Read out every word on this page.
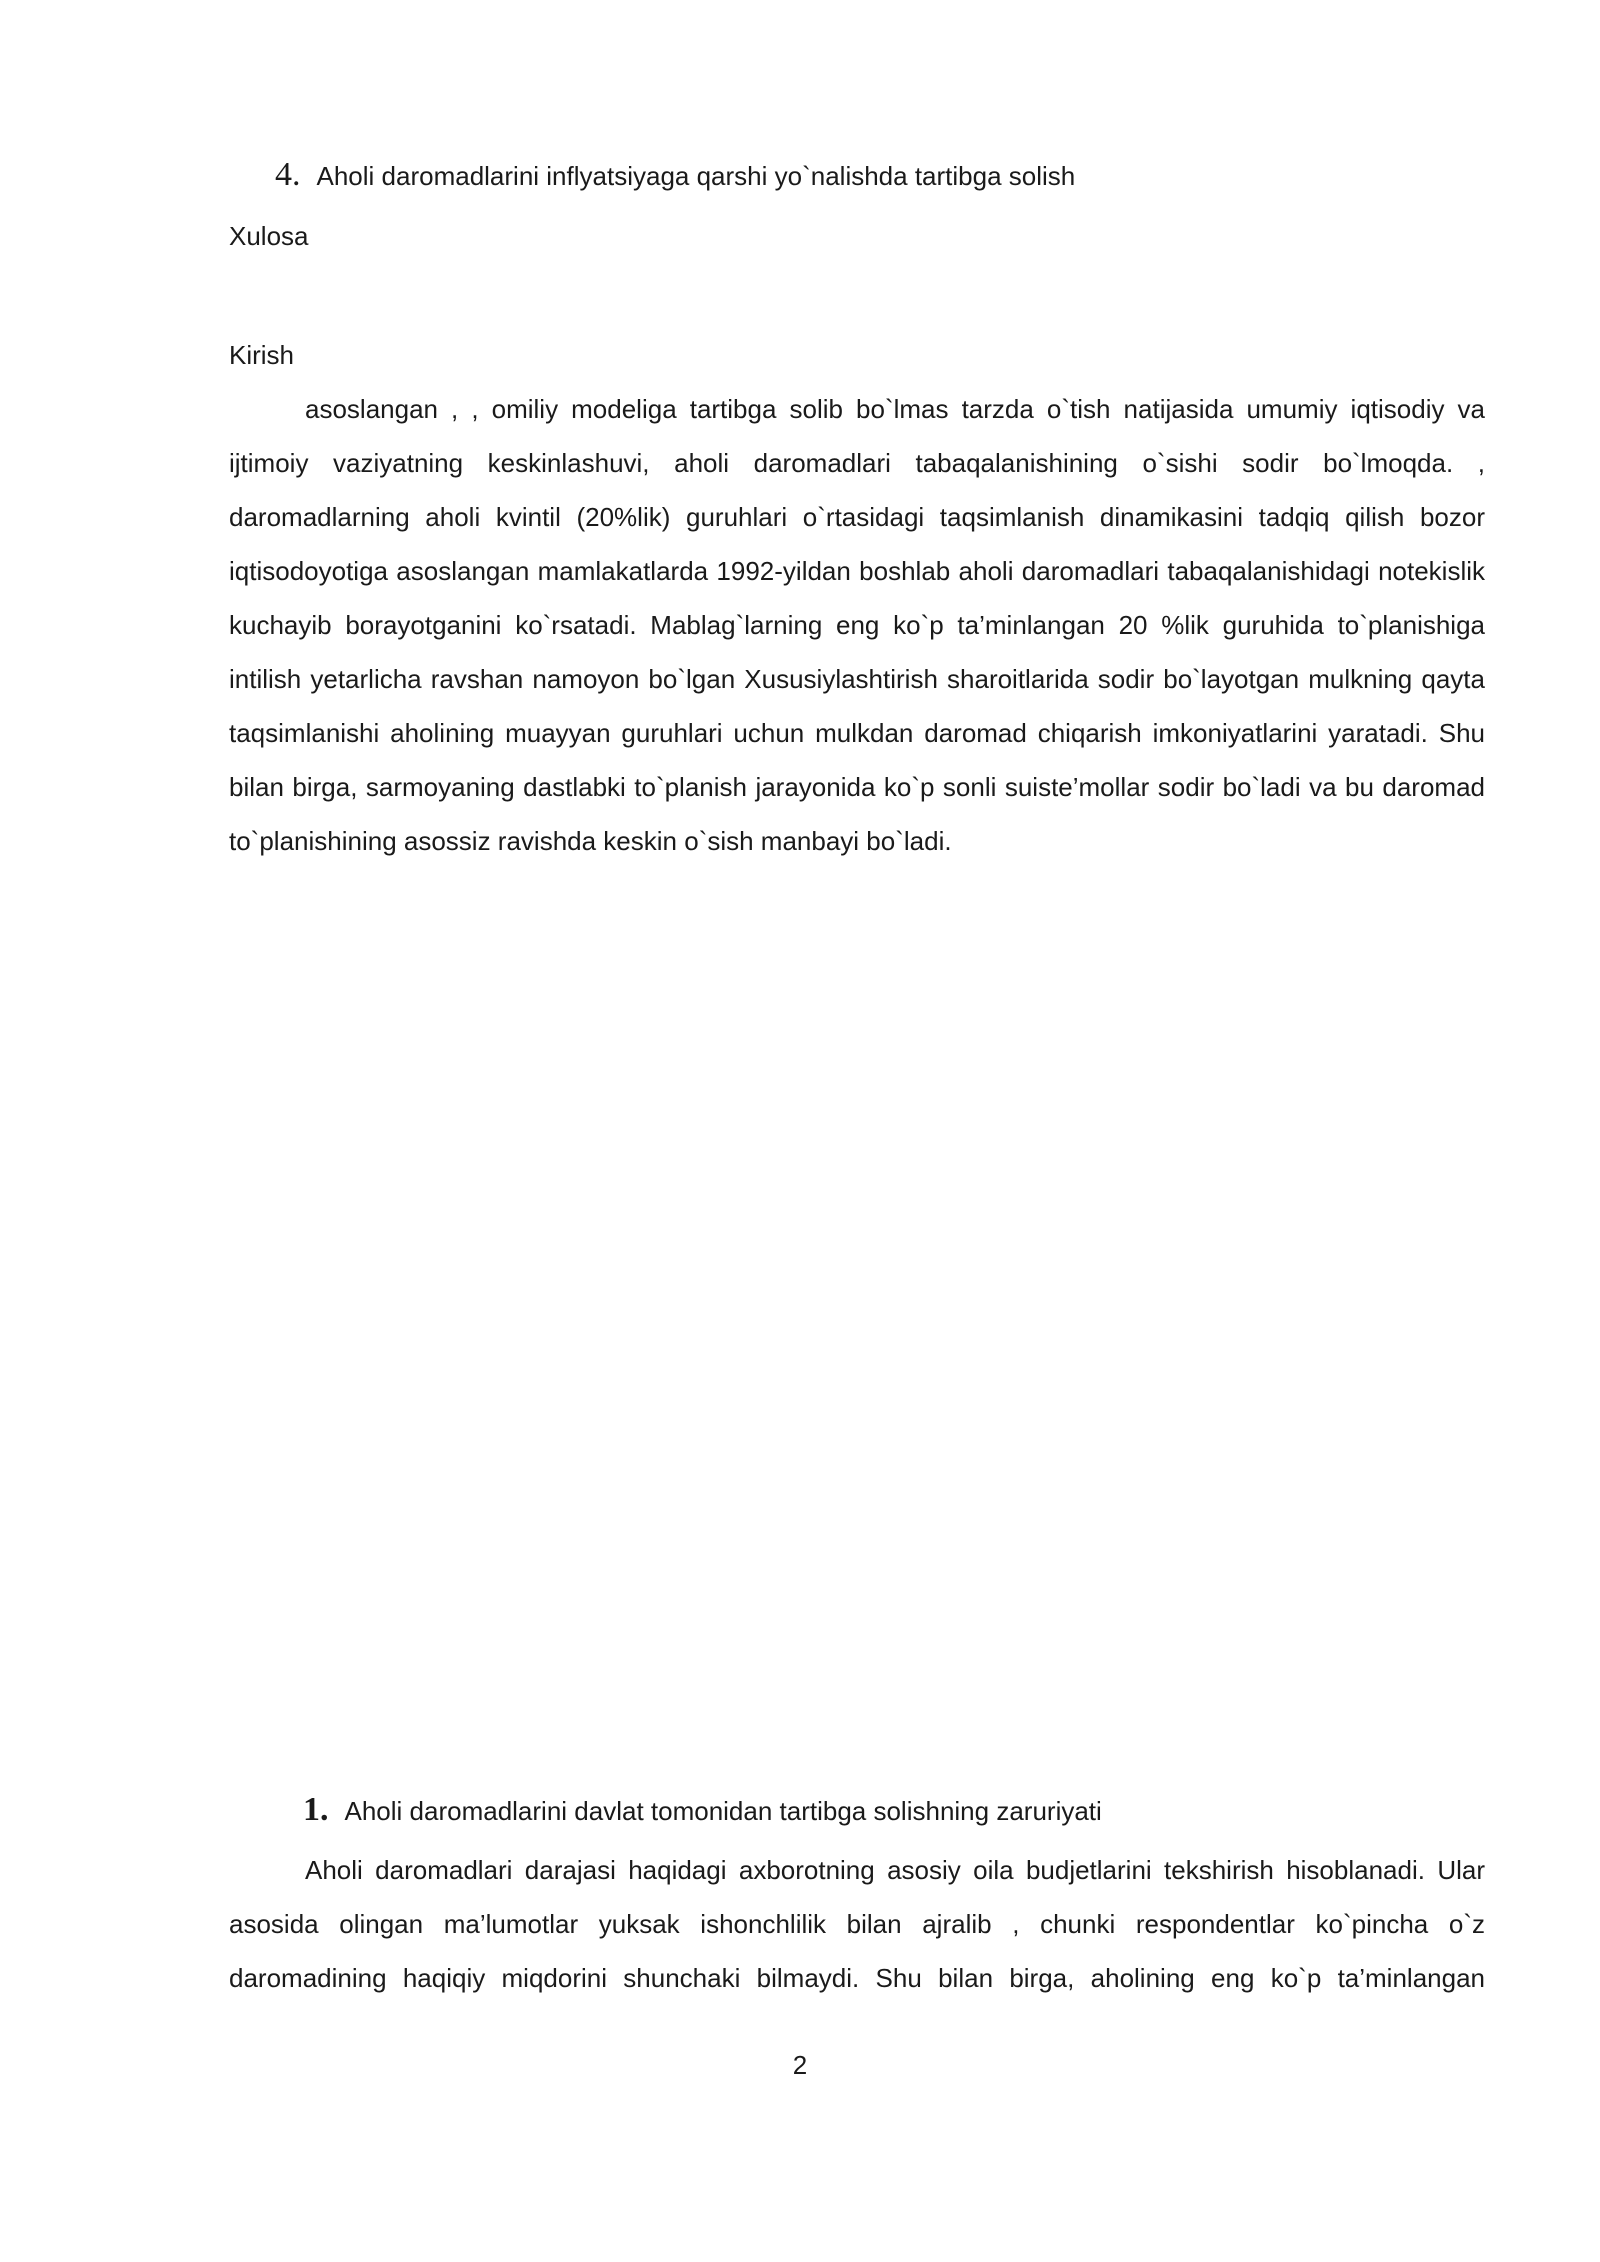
4. Aholi daromadlarini inflyatsiyaga qarshi yo`nalishda tartibga solish
Xulosa
Kirish

asoslangan , , omiliy modeliga tartibga solib bo`lmas tarzda o`tish natijasida umumiy iqtisodiy va ijtimoiy vaziyatning keskinlashuvi, aholi daromadlari tabaqalanishining o`sishi sodir bo`lmoqda. , daromadlarning aholi kvintil (20%lik) guruhlari o`rtasidagi taqsimlanish dinamikasini tadqiq qilish bozor iqtisodoyotiga asoslangan mamlakatlarda 1992-yildan boshlab aholi daromadlari tabaqalanishidagi notekislik kuchayib borayotganini ko`rsatadi. Mablag`larning eng ko`p ta’minlangan 20 %lik guruhida to`planishiga intilish yetarlicha ravshan namoyon bo`lgan Xususiylashtirish sharoitlarida sodir bo`layotgan mulkning qayta taqsimlanishi aholining muayyan guruhlari uchun mulkdan daromad chiqarish imkoniyatlarini yaratadi. Shu bilan birga, sarmoyaning dastlabki to`planish jarayonida ko`p sonli suiste’mollar sodir bo`ladi va bu daromad to`planishining asossiz ravishda keskin o`sish manbayi bo`ladi.

1. Aholi daromadlarini davlat tomonidan tartibga solishning zaruriyati

Aholi daromadlari darajasi haqidagi axborotning asosiy oila budjetlarini tekshirish hisoblanadi. Ular asosida olingan ma’lumotlar yuksak ishonchlilik bilan ajralib , chunki respondentlar ko`pincha o`z daromadining haqiqiy miqdorini shunchaki bilmaydi. Shu bilan birga, aholining eng ko`p ta’minlangan

2
